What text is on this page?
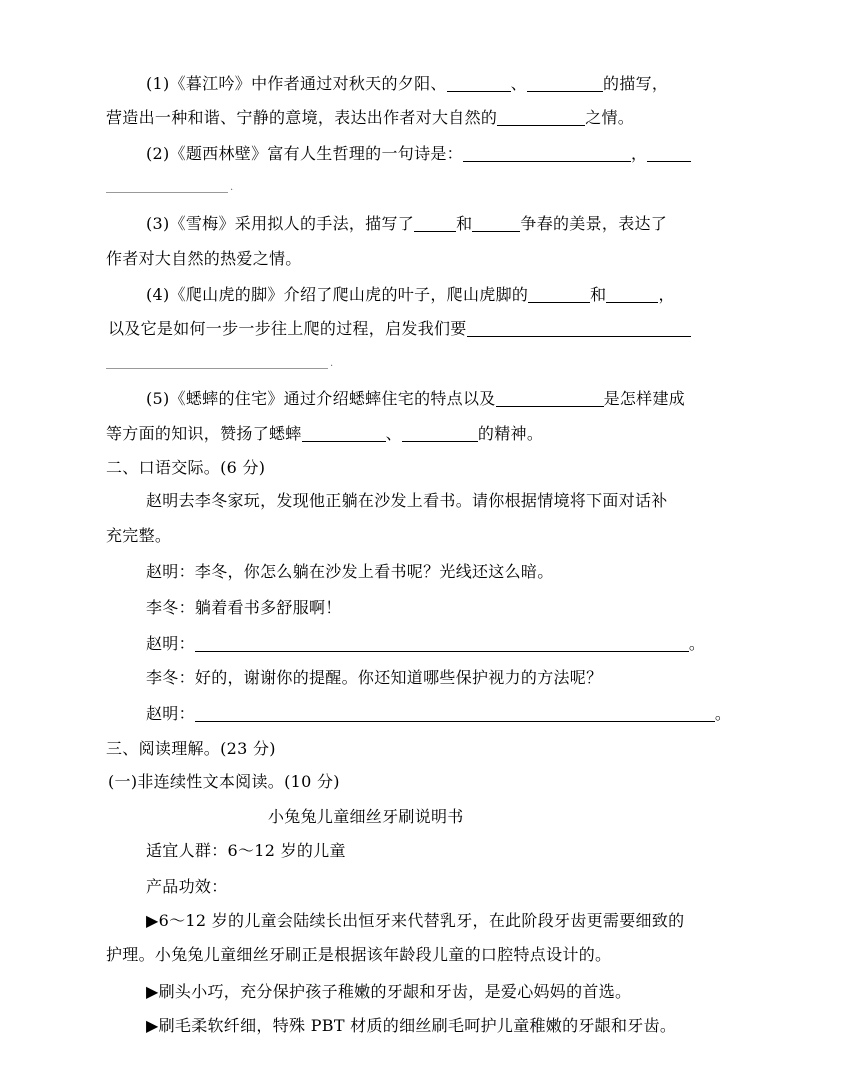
(1)《暮江吟》中作者通过对秋天的夕阳、	、	的描写，
营造出一种和谐、宁静的意境，表达出作者对大自然的	之情。
(2)《题西林壁》富有人生哲理的一句诗是：	，
.
(3)《雪梅》采用拟人的手法，描写了	和	争春的美景，表达了
作者对大自然的热爱之情。
(4)《爬山虎的脚》介绍了爬山虎的叶子，爬山虎脚的	和	，
以及它是如何一步一步往上爬的过程，启发我们要
.
(5)《蟋蟀的住宅》通过介绍蟋蟀住宅的特点以及	是怎样建成
等方面的知识，赞扬了蟋蟀	、	的精神。
二、口语交际。(6 分)
赵明去李冬家玩，发现他正躺在沙发上看书。请你根据情境将下面对话补
充完整。
赵明：李冬，你怎么躺在沙发上看书呢？光线还这么暗。
李冬：躺着看书多舒服啊！
赵明：	。
李冬：好的，谢谢你的提醒。你还知道哪些保护视力的方法呢？
赵明：	。
三、阅读理解。(23 分)
(一)非连续性文本阅读。(10 分)
小兔兔儿童细丝牙刷说明书
适宜人群：6～12 岁的儿童
产品功效：
▶6～12 岁的儿童会陆续长出恒牙来代替乳牙，在此阶段牙齿更需要细致的
护理。小兔兔儿童细丝牙刷正是根据该年龄段儿童的口腔特点设计的。
▶刷头小巧，充分保护孩子稚嫩的牙龈和牙齿，是爱心妈妈的首选。
▶刷毛柔软纤细，特殊 PBT 材质的细丝刷毛呵护儿童稚嫩的牙龈和牙齿。
